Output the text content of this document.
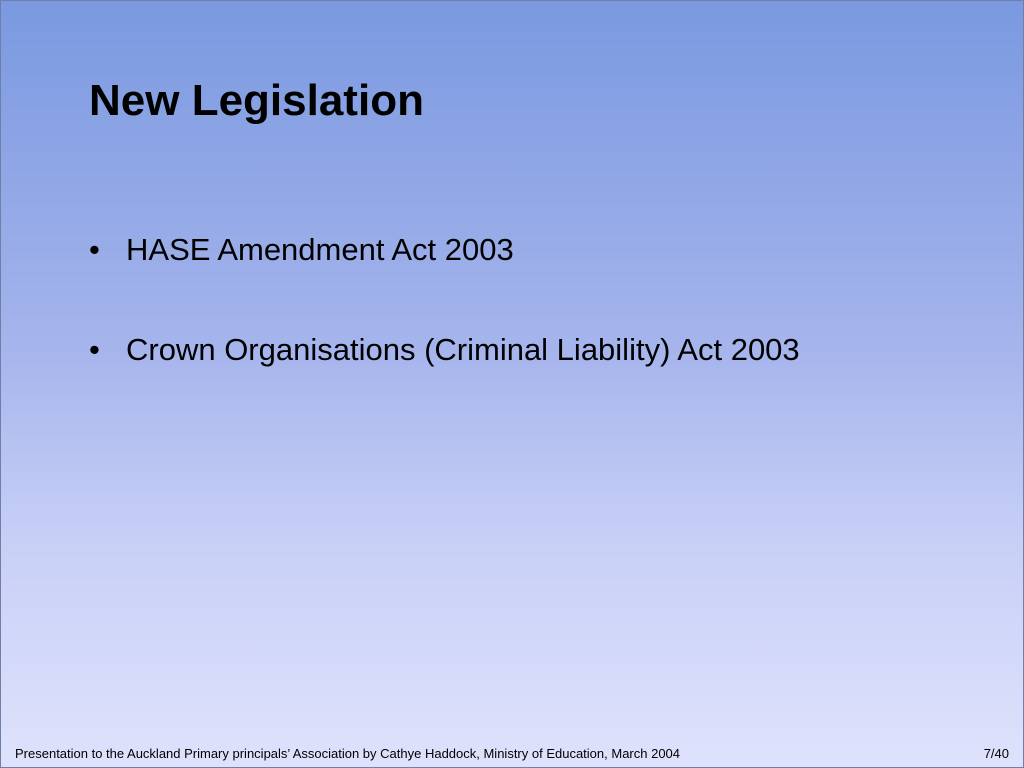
New Legislation
• HASE Amendment Act 2003
• Crown Organisations (Criminal Liability) Act 2003
Presentation to the Auckland Primary principals’ Association by Cathye Haddock, Ministry of Education, March 2004	7/40
